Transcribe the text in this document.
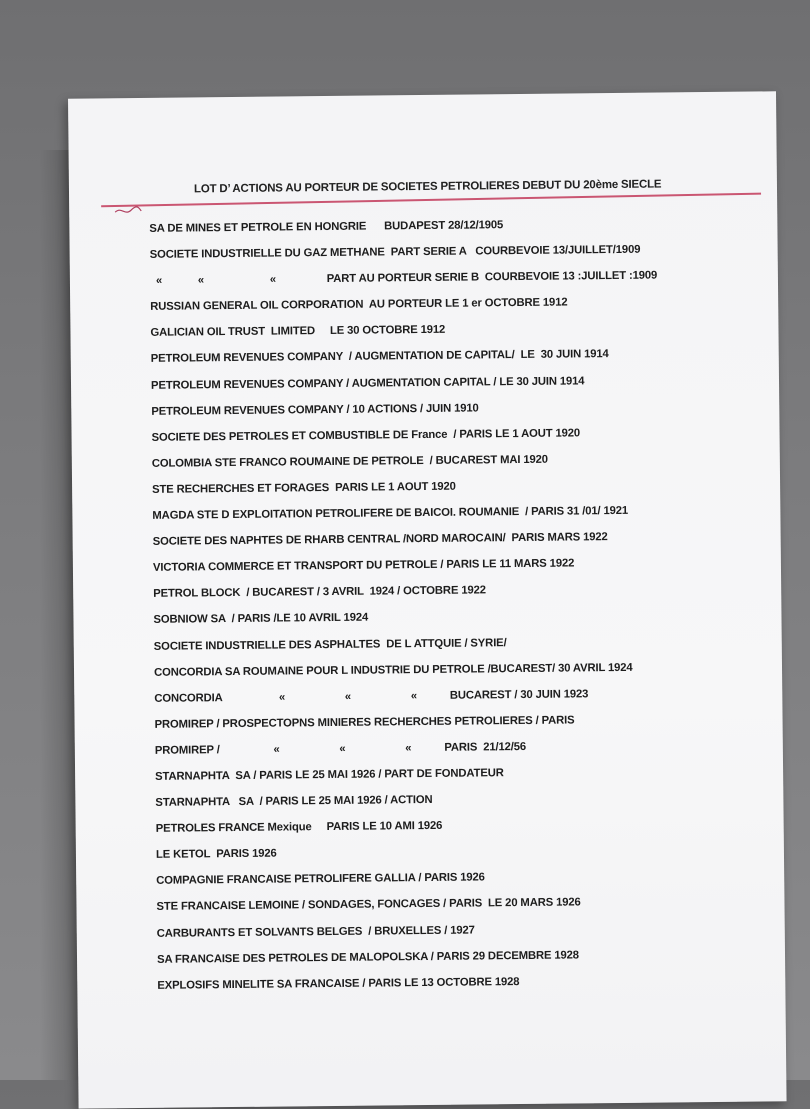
LOT D’ ACTIONS AU PORTEUR DE SOCIETES PETROLIERES DEBUT DU 20ème SIECLE
SA DE MINES ET PETROLE EN HONGRIE      BUDAPEST 28/12/1905
SOCIETE INDUSTRIELLE DU GAZ METHANE  PART SERIE A   COURBEVOIE 13/JUILLET/1909
«            «                      «                 PART AU PORTEUR SERIE B  COURBEVOIE 13 :JUILLET :1909
RUSSIAN GENERAL OIL CORPORATION  AU PORTEUR LE 1 er OCTOBRE 1912
GALICIAN OIL TRUST  LIMITED     LE 30 OCTOBRE 1912
PETROLEUM REVENUES COMPANY  / AUGMENTATION DE CAPITAL/  LE  30 JUIN 1914
PETROLEUM REVENUES COMPANY / AUGMENTATION CAPITAL / LE 30 JUIN 1914
PETROLEUM REVENUES COMPANY / 10 ACTIONS / JUIN 1910
SOCIETE DES PETROLES ET COMBUSTIBLE DE France  / PARIS LE 1 AOUT 1920
COLOMBIA STE FRANCO ROUMAINE DE PETROLE  / BUCAREST MAI 1920
STE RECHERCHES ET FORAGES  PARIS LE 1 AOUT 1920
MAGDA STE D EXPLOITATION PETROLIFERE DE BAICOI. ROUMANIE  / PARIS 31 /01/ 1921
SOCIETE DES NAPHTES DE RHARB CENTRAL /NORD MAROCAIN/  PARIS MARS 1922
VICTORIA COMMERCE ET TRANSPORT DU PETROLE / PARIS LE 11 MARS 1922
PETROL BLOCK  / BUCAREST / 3 AVRIL  1924 / OCTOBRE 1922
SOBNIOW SA  / PARIS /LE 10 AVRIL 1924
SOCIETE INDUSTRIELLE DES ASPHALTES  DE L ATTQUIE / SYRIE/
CONCORDIA SA ROUMAINE POUR L INDUSTRIE DU PETROLE /BUCAREST/ 30 AVRIL 1924
CONCORDIA                   «                    «                    «           BUCAREST / 30 JUIN 1923
PROMIREP / PROSPECTOPNS MINIERES RECHERCHES PETROLIERES / PARIS
PROMIREP /                  «                    «                    «           PARIS  21/12/56
STARNAPHTA  SA / PARIS LE 25 MAI 1926 / PART DE FONDATEUR
STARNAPHTA   SA  / PARIS LE 25 MAI 1926 / ACTION
PETROLES FRANCE Mexique     PARIS LE 10 AMI 1926
LE KETOL  PARIS 1926
COMPAGNIE FRANCAISE PETROLIFERE GALLIA / PARIS 1926
STE FRANCAISE LEMOINE / SONDAGES, FONCAGES / PARIS  LE 20 MARS 1926
CARBURANTS ET SOLVANTS BELGES  / BRUXELLES / 1927
SA FRANCAISE DES PETROLES DE MALOPOLSKA / PARIS 29 DECEMBRE 1928
EXPLOSIFS MINELITE SA FRANCAISE / PARIS LE 13 OCTOBRE 1928
